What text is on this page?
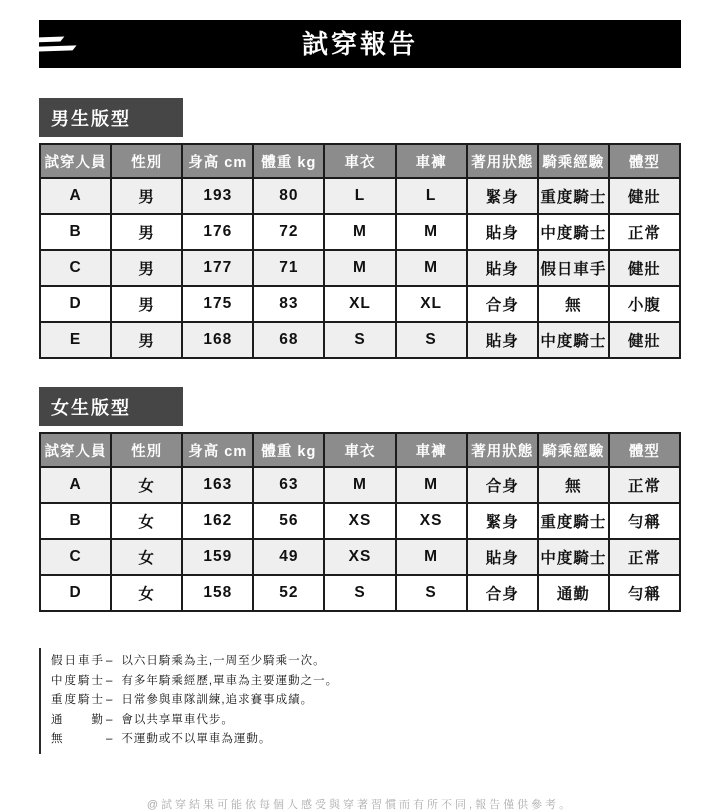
試穿報告
男生版型
試穿人員	性別	身高 cm	體重 kg	車衣	車褲	著用狀態	騎乘經驗	體型
A	男	193	80	L	L	緊身	重度騎士	健壯
B	男	176	72	M	M	貼身	中度騎士	正常
C	男	177	71	M	M	貼身	假日車手	健壯
D	男	175	83	XL	XL	合身	無	小腹
E	男	168	68	S	S	貼身	中度騎士	健壯
女生版型
試穿人員	性別	身高 cm	體重 kg	車衣	車褲	著用狀態	騎乘經驗	體型
A	女	163	63	M	M	合身	無	正常
B	女	162	56	XS	XS	緊身	重度騎士	勻稱
C	女	159	49	XS	M	貼身	中度騎士	正常
D	女	158	52	S	S	合身	通勤	勻稱
假日車手 – 以六日騎乘為主,一周至少騎乘一次。
中度騎士 – 有多年騎乘經歷,單車為主要運動之一。
重度騎士 – 日常參與車隊訓練,追求賽事成績。
通 勤 – 會以共享單車代步。
無	– 不運動或不以單車為運動。
@試穿結果可能依每個人感受與穿著習慣而有所不同,報告僅供參考。
